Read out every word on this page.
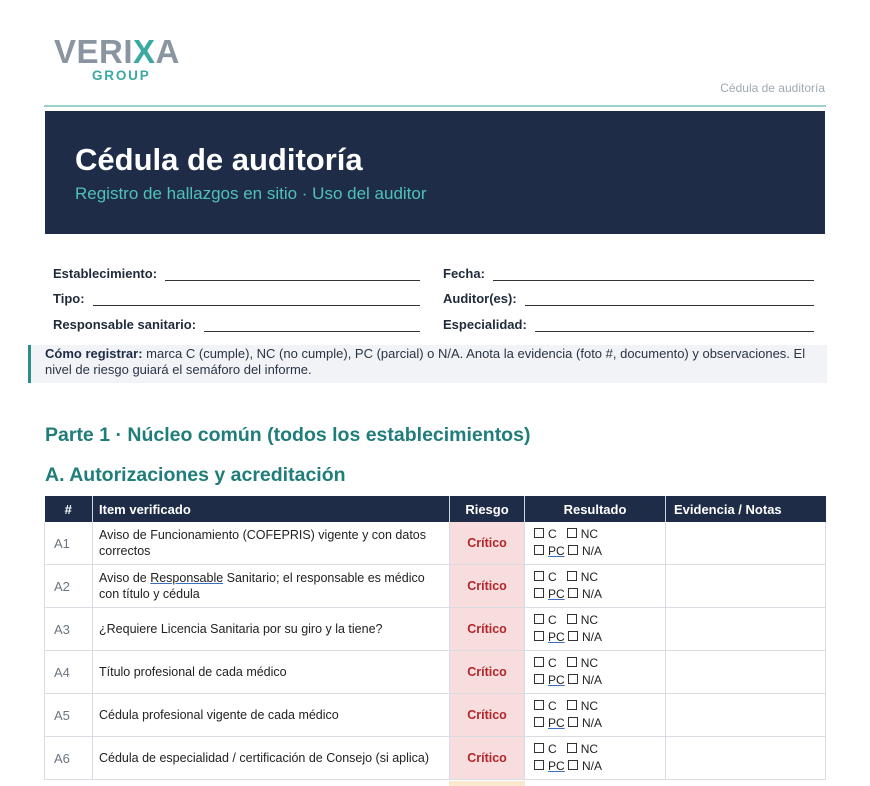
VERIXA
GROUP
Cédula de auditoría
Cédula de auditoría
Registro de hallazgos en sitio · Uso del auditor
Establecimiento:	Fecha:
Tipo:	Auditor(es):
Responsable sanitario:	Especialidad:

Cómo registrar: marca C (cumple), NC (no cumple), PC (parcial) o N/A. Anota la evidencia (foto #, documento) y observaciones. El nivel de riesgo guiará el semáforo del informe.

Parte 1 · Núcleo común (todos los establecimientos)
A. Autorizaciones y acreditación
#	Item verificado	Riesgo	Resultado	Evidencia / Notas
A1	Aviso de Funcionamiento (COFEPRIS) vigente y con datos correctos	Crítico	C NC
PC N/A	
A2	Aviso de Responsable Sanitario; el responsable es médico con título y cédula	Crítico	C NC
PC N/A	
A3	¿Requiere Licencia Sanitaria por su giro y la tiene?	Crítico	C NC
PC N/A	
A4	Título profesional de cada médico	Crítico	C NC
PC N/A	
A5	Cédula profesional vigente de cada médico	Crítico	C NC
PC N/A	
A6	Cédula de especialidad / certificación de Consejo (si aplica)	Crítico	C NC
PC N/A	
